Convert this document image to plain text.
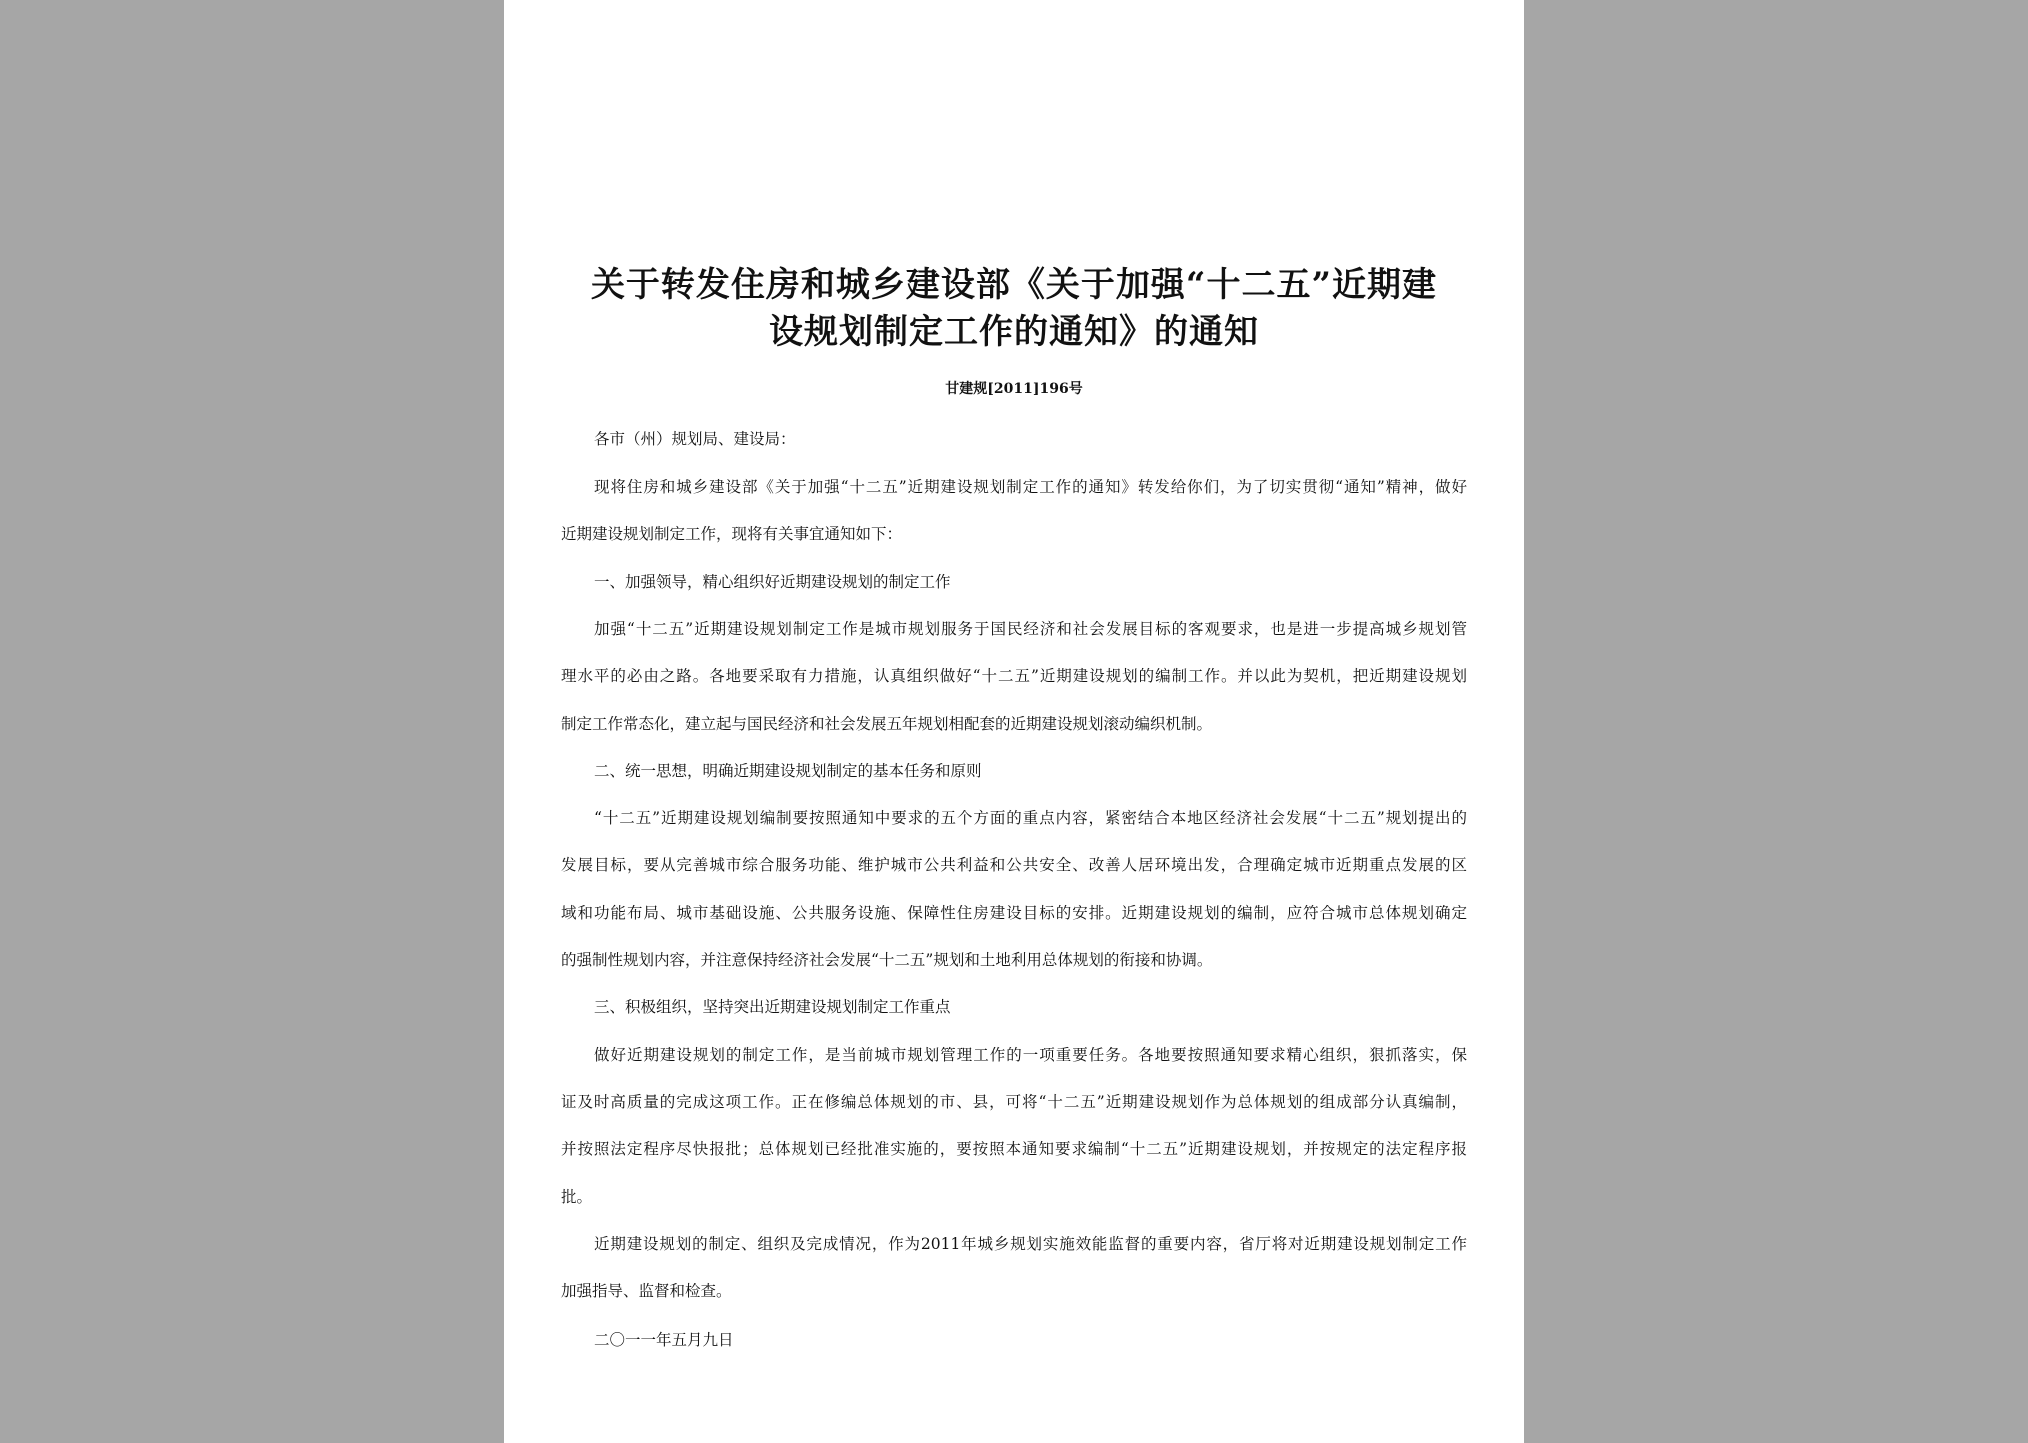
关于转发住房和城乡建设部《关于加强“十二五”近期建
设规划制定工作的通知》的通知

甘建规[2011]196号

各市（州）规划局、建设局：

现将住房和城乡建设部《关于加强“十二五”近期建设规划制定工作的通知》转发给你们，为了切实贯彻“通知”精神，做好

近期建设规划制定工作，现将有关事宜通知如下：

一、加强领导，精心组织好近期建设规划的制定工作

加强“十二五”近期建设规划制定工作是城市规划服务于国民经济和社会发展目标的客观要求，也是进一步提高城乡规划管

理水平的必由之路。各地要采取有力措施，认真组织做好“十二五”近期建设规划的编制工作。并以此为契机，把近期建设规划

制定工作常态化，建立起与国民经济和社会发展五年规划相配套的近期建设规划滚动编织机制。

二、统一思想，明确近期建设规划制定的基本任务和原则

“十二五”近期建设规划编制要按照通知中要求的五个方面的重点内容，紧密结合本地区经济社会发展“十二五”规划提出的

发展目标，要从完善城市综合服务功能、维护城市公共利益和公共安全、改善人居环境出发，合理确定城市近期重点发展的区

域和功能布局、城市基础设施、公共服务设施、保障性住房建设目标的安排。近期建设规划的编制，应符合城市总体规划确定

的强制性规划内容，并注意保持经济社会发展“十二五”规划和土地利用总体规划的衔接和协调。

三、积极组织，坚持突出近期建设规划制定工作重点

做好近期建设规划的制定工作，是当前城市规划管理工作的一项重要任务。各地要按照通知要求精心组织，狠抓落实，保

证及时高质量的完成这项工作。正在修编总体规划的市、县，可将“十二五”近期建设规划作为总体规划的组成部分认真编制，

并按照法定程序尽快报批；总体规划已经批准实施的，要按照本通知要求编制“十二五”近期建设规划，并按规定的法定程序报

批。

近期建设规划的制定、组织及完成情况，作为2011年城乡规划实施效能监督的重要内容，省厅将对近期建设规划制定工作

加强指导、监督和检查。

二〇一一年五月九日
